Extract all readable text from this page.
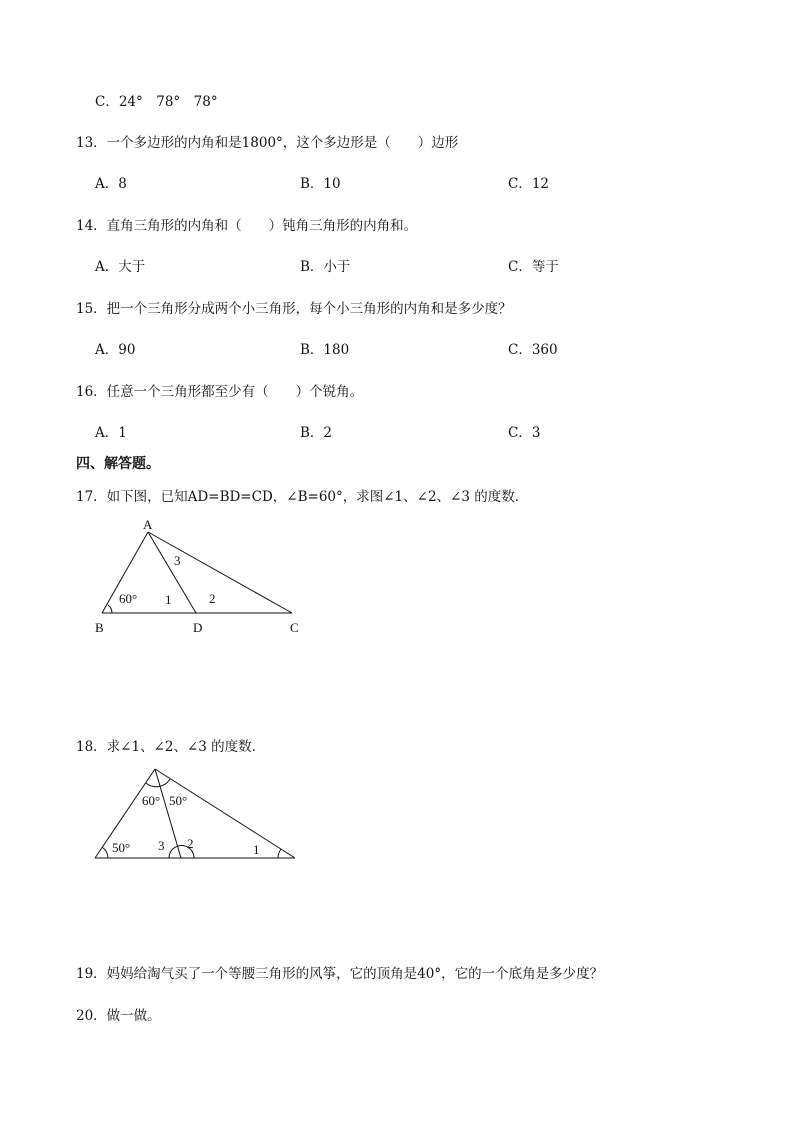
C．24°　78°　78°
13．一个多边形的内角和是1800°，这个多边形是（　　）边形
A．8	B．10	C．12
14．直角三角形的内角和（　　）钝角三角形的内角和。
A．大于	B．小于	C．等于
15．把一个三角形分成两个小三角形，每个小三角形的内角和是多少度？
A．90	B．180	C．360
16．任意一个三角形都至少有（　　）个锐角。
A．1	B．2	C．3
四、解答题。
17．如下图，已知AD=BD=CD，∠B=60°，求图∠1、∠2、∠3 的度数．
A
B	D	C
60° 1	2
3
18．求∠1、∠2、∠3 的度数．
60° 50°
50° 3 2	1
19．妈妈给淘气买了一个等腰三角形的风筝，它的顶角是40°，它的一个底角是多少度？
20．做一做。
